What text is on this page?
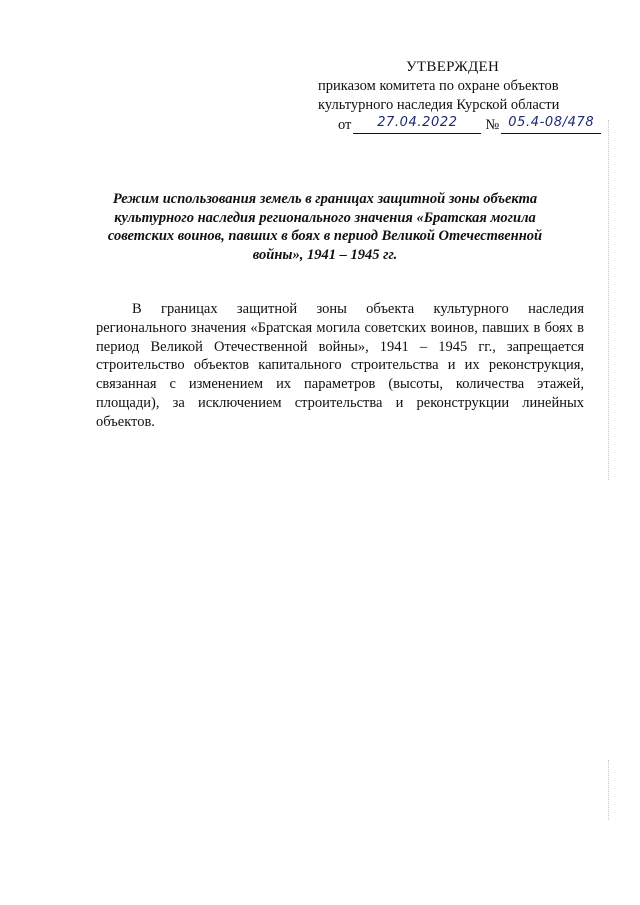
УТВЕРЖДЕН
приказом комитета по охране объектов
культурного наследия Курской области
от 27.04.2022 № 05.4-08/478
Режим использования земель в границах защитной зоны объекта культурного наследия регионального значения «Братская могила советских воинов, павших в боях в период Великой Отечественной войны», 1941 – 1945 гг.
В границах защитной зоны объекта культурного наследия регионального значения «Братская могила советских воинов, павших в боях в период Великой Отечественной войны», 1941 – 1945 гг., запрещается строительство объектов капитального строительства и их реконструкция, связанная с изменением их параметров (высоты, количества этажей, площади), за исключением строительства и реконструкции линейных объектов.
